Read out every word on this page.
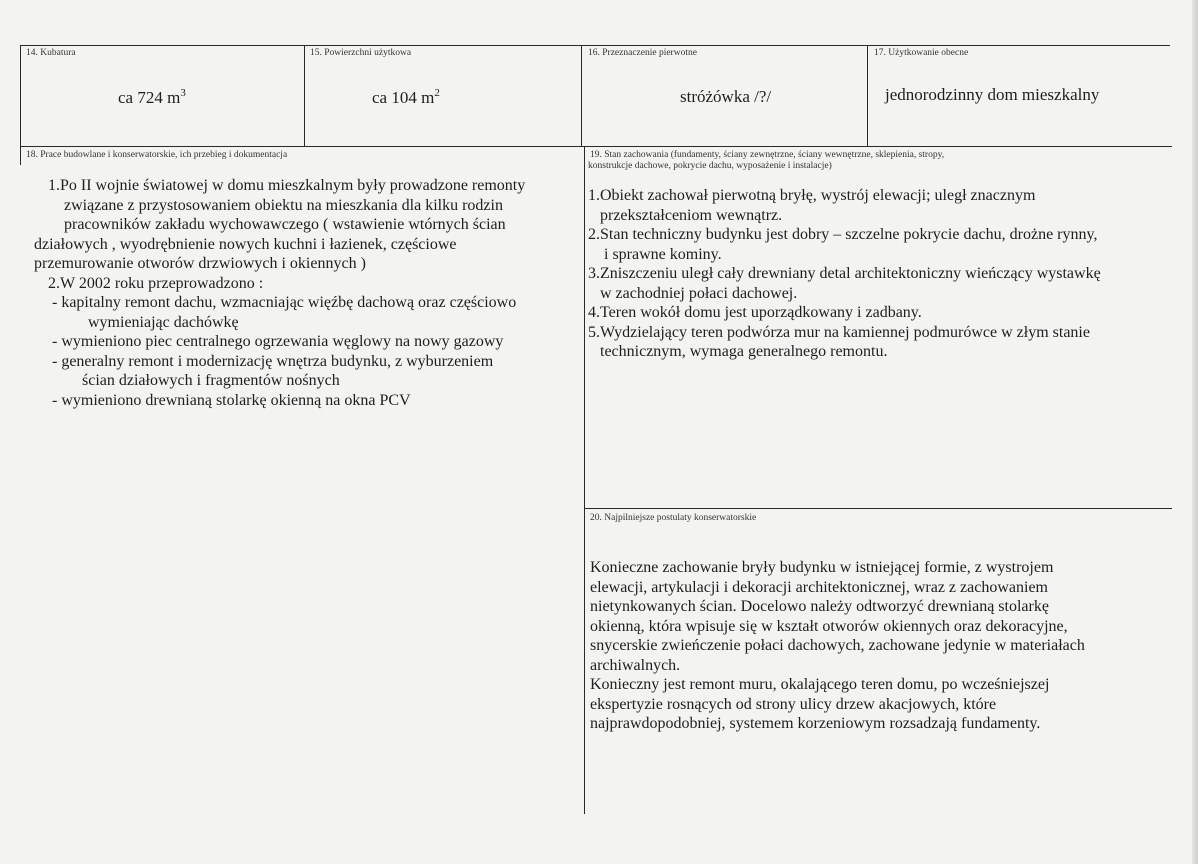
14. Kubatura
ca 724 $m^3$
15. Powierzchni użytkowa
ca 104 $m^2$
16. Przeznaczenie pierwotne
stróżówka /?/
17. Użytkowanie obecne
jednorodzinny dom mieszkalny
18. Prace budowlane i konserwatorskie, ich przebieg i dokumentacja
1.Po II wojnie światowej w domu mieszkalnym były prowadzone remonty
związane z przystosowaniem obiektu na mieszkania dla kilku rodzin
pracowników zakładu wychowawczego ( wstawienie wtórnych ścian
działowych , wyodrębnienie nowych kuchni i łazienek, częściowe
przemurowanie otworów drzwiowych i okiennych )
2.W 2002 roku przeprowadzono :
- kapitalny remont dachu, wzmacniając więźbę dachową oraz częściowo
wymieniając dachówkę
- wymieniono piec centralnego ogrzewania węglowy na nowy gazowy
- generalny remont i modernizację wnętrza budynku, z wyburzeniem
ścian działowych i fragmentów nośnych
- wymieniono drewnianą stolarkę okienną na okna PCV
19. Stan zachowania (fundamenty, ściany zewnętrzne, ściany wewnętrzne, sklepienia, stropy,
konstrukcje dachowe, pokrycie dachu, wyposażenie i instalacje)
1.Obiekt zachował pierwotną bryłę, wystrój elewacji; uległ znacznym
przekształceniom wewnątrz.
2.Stan techniczny budynku jest dobry – szczelne pokrycie dachu, drożne rynny,
i sprawne kominy.
3.Zniszczeniu uległ cały drewniany detal architektoniczny wieńczący wystawkę
w zachodniej połaci dachowej.
4.Teren wokół domu jest uporządkowany i zadbany.
5.Wydzielający teren podwórza mur na kamiennej podmurówce w złym stanie
technicznym, wymaga generalnego remontu.
20. Najpilniejsze postulaty konserwatorskie
Konieczne zachowanie bryły budynku w istniejącej formie, z wystrojem
elewacji, artykulacji i dekoracji architektonicznej, wraz z zachowaniem
nietynkowanych ścian. Docelowo należy odtworzyć drewnianą stolarkę
okienną, która wpisuje się w kształt otworów okiennych oraz dekoracyjne,
snycerskie zwieńczenie połaci dachowych, zachowane jedynie w materiałach
archiwalnych.
Konieczny jest remont muru, okalającego teren domu, po wcześniejszej
ekspertyzie rosnących od strony ulicy drzew akacjowych, które
najprawdopodobniej, systemem korzeniowym rozsadzają fundamenty.
